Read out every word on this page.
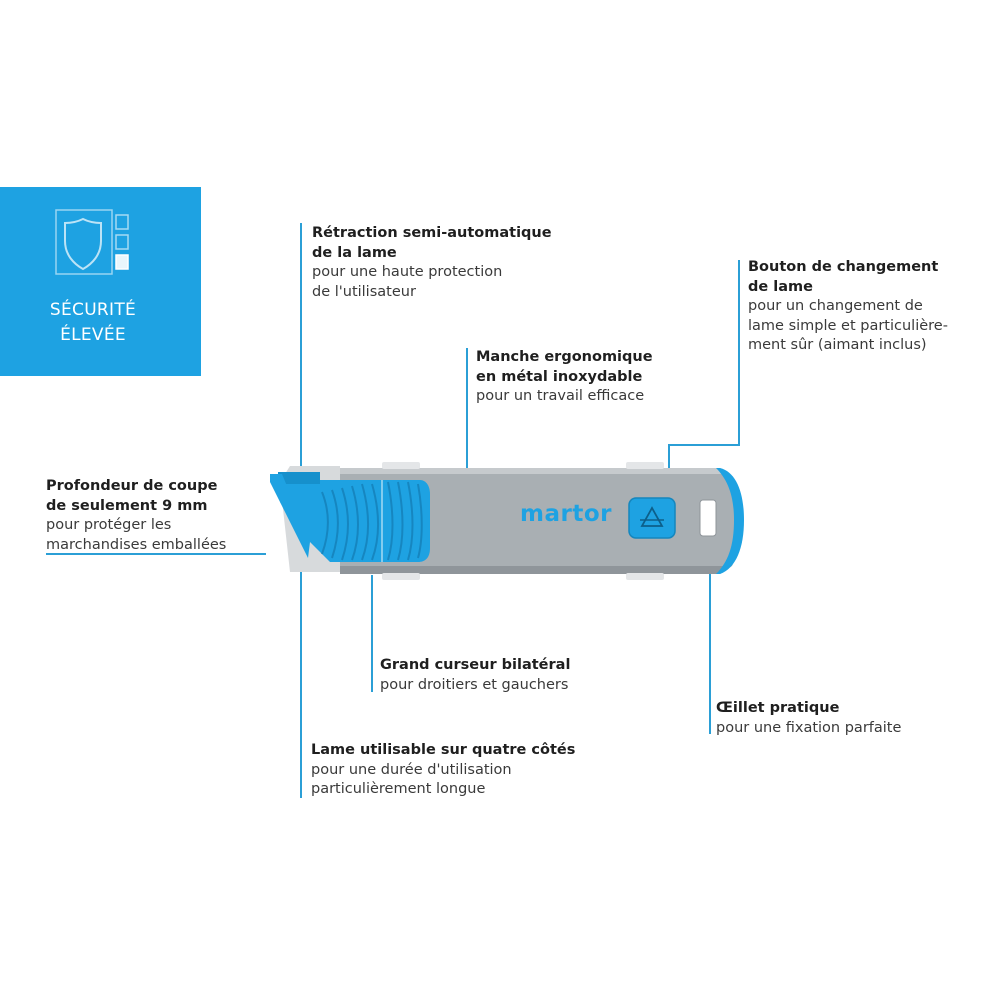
SÉCURITÉ
ÉLEVÉE
martor
Rétraction semi-automatique
de la lame
pour une haute protection
de l'utilisateur
Bouton de changement
de lame
pour un changement de
lame simple et particulière-
ment sûr (aimant inclus)
Manche ergonomique
en métal inoxydable
pour un travail efficace
Profondeur de coupe
de seulement 9 mm
pour protéger les
marchandises emballées
Grand curseur bilatéral
pour droitiers et gauchers
Œillet pratique
pour une fixation parfaite
Lame utilisable sur quatre côtés
pour une durée d'utilisation
particulièrement longue
